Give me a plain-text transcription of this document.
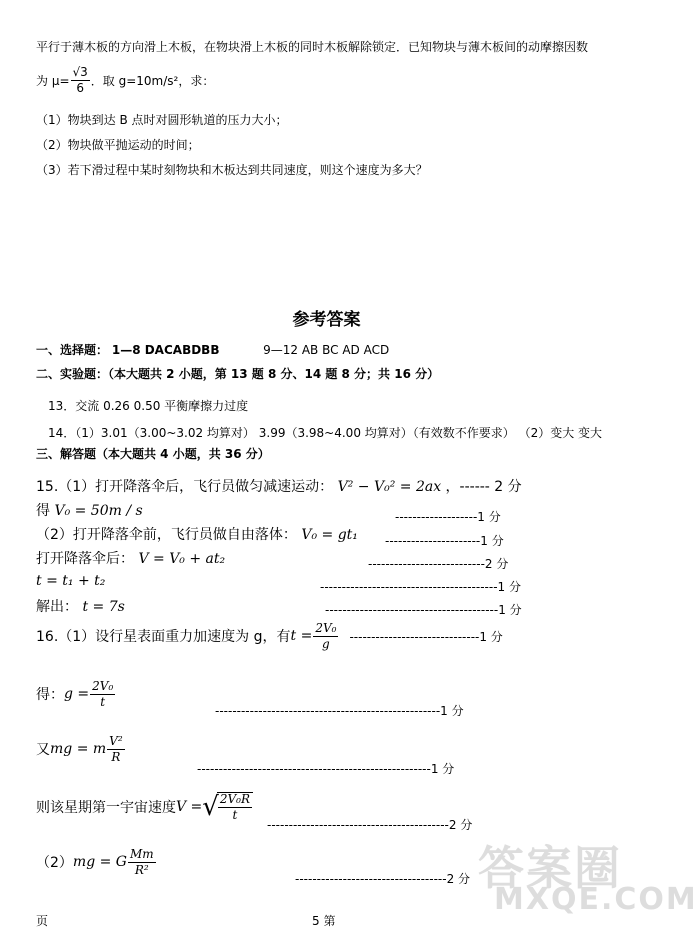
平行于薄木板的方向滑上木板，在物块滑上木板的同时木板解除锁定．已知物块与薄木板间的动摩擦因数
为 $\mu= \frac{√3}{6}$ ．取 g=10m/s²，求：
（1）物块到达 B 点时对圆形轨道的压力大小；
（2）物块做平抛运动的时间；
（3）若下滑过程中某时刻物块和木板达到共同速度，则这个速度为多大？
参考答案
一、选择题： 1—8 DACABDBB	9—12 AB BC AD ACD
二、实验题：（本大题共 2 小题，第 13 题 8 分、14 题 8 分；共 16 分）
13．交流 0.26 0.50 平衡摩擦力过度
14．（1）3.01（3.00~3.02 均算对） 3.99（3.98~4.00 均算对）（有效数不作要求） （2）变大 变大
三、解答题（本大题共 4 小题，共 36 分）
15.（1）打开降落伞后，飞行员做匀减速运动： V² − V₀² = 2ax ，------ 2 分
得 V₀ = 50m / s	-------------------1 分
（2）打开降落伞前，飞行员做自由落体： V₀ = gt₁ ----------------------1 分
打开降落伞后： V = V₀ + at₂	---------------------------2 分
t = t₁ + t₂	-----------------------------------------1 分
解出： t = 7s	----------------------------------------1 分
16.（1）设行星表面重力加速度为 g，有 $t = \frac{\text{2V₀}}{g} ------------------------------1$ 分
得： $g = \frac{\text{2V₀}}{t}$
----------------------------------------------------1 分
又 mg = m $\frac{\text{V²}}{R}$
------------------------------------------------------1 分
则该星期第一宇宙速度 V = √ $\frac{\text{2V₀R}}{t}$
------------------------------------------2 分
（2） mg = G $\frac{Mm}{\text{R²}}$
-----------------------------------2 分
页	5 第
答案圈
MXQE.COM
